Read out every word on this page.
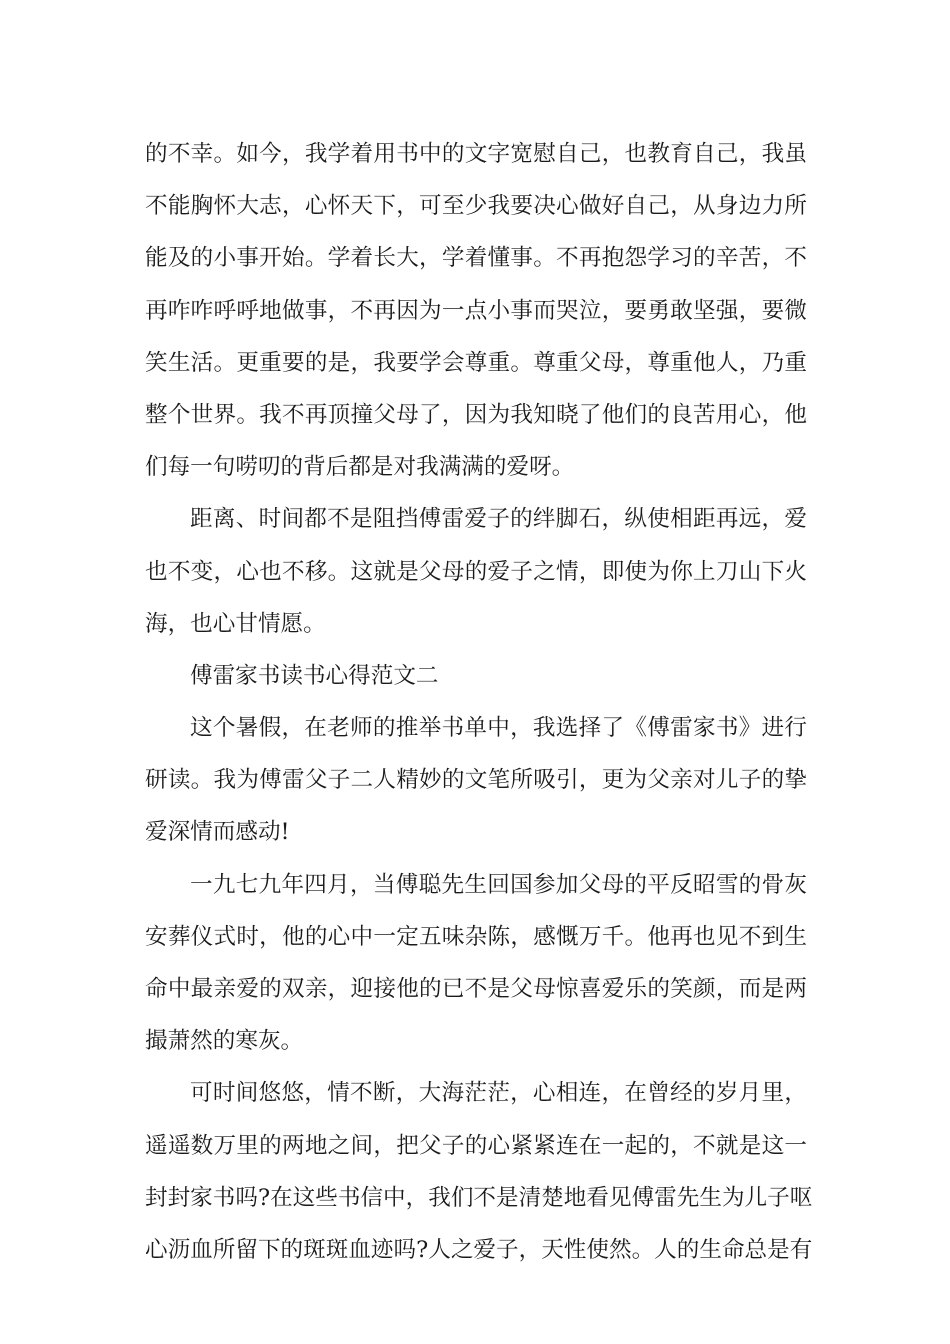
的不幸。如今，我学着用书中的文字宽慰自己，也教育自己，我虽
不能胸怀大志，心怀天下，可至少我要决心做好自己，从身边力所
能及的小事开始。学着长大，学着懂事。不再抱怨学习的辛苦，不
再咋咋呼呼地做事，不再因为一点小事而哭泣，要勇敢坚强，要微
笑生活。更重要的是，我要学会尊重。尊重父母，尊重他人，乃重
整个世界。我不再顶撞父母了，因为我知晓了他们的良苦用心，他
们每一句唠叨的背后都是对我满满的爱呀。
距离、时间都不是阻挡傅雷爱子的绊脚石，纵使相距再远，爱
也不变，心也不移。这就是父母的爱子之情，即使为你上刀山下火
海，也心甘情愿。
傅雷家书读书心得范文二
这个暑假，在老师的推举书单中，我选择了《傅雷家书》进行
研读。我为傅雷父子二人精妙的文笔所吸引，更为父亲对儿子的挚
爱深情而感动!
一九七九年四月，当傅聪先生回国参加父母的平反昭雪的骨灰
安葬仪式时，他的心中一定五味杂陈，感慨万千。他再也见不到生
命中最亲爱的双亲，迎接他的已不是父母惊喜爱乐的笑颜，而是两
撮萧然的寒灰。
可时间悠悠，情不断，大海茫茫，心相连，在曾经的岁月里，
遥遥数万里的两地之间，把父子的心紧紧连在一起的，不就是这一
封封家书吗?在这些书信中，我们不是清楚地看见傅雷先生为儿子呕
心沥血所留下的斑斑血迹吗?人之爱子，天性使然。人的生命总是有
